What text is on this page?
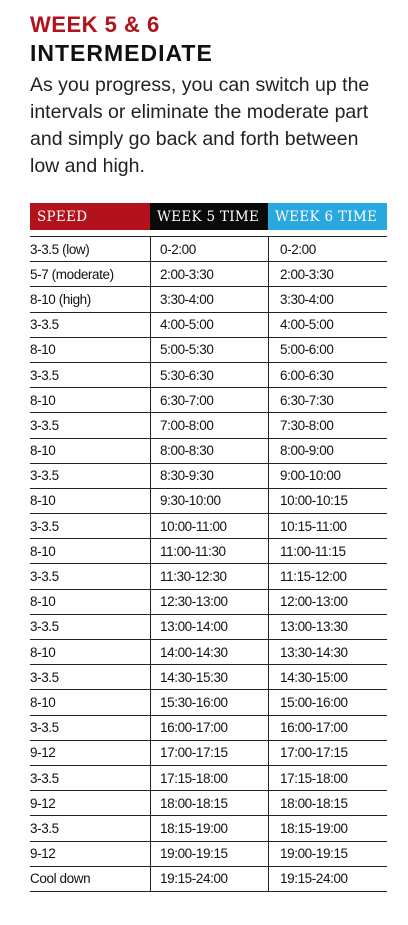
WEEK 5 & 6
INTERMEDIATE
As you progress, you can switch up the intervals or eliminate the moderate part and simply go back and forth between low and high.
SPEED	WEEK 5 TIME	WEEK 6 TIME
3-3.5 (low)	0-2:00	0-2:00
5-7 (moderate)	2:00-3:30	2:00-3:30
8-10 (high)	3:30-4:00	3:30-4:00
3-3.5	4:00-5:00	4:00-5:00
8-10	5:00-5:30	5:00-6:00
3-3.5	5:30-6:30	6:00-6:30
8-10	6:30-7:00	6:30-7:30
3-3.5	7:00-8:00	7:30-8:00
8-10	8:00-8:30	8:00-9:00
3-3.5	8:30-9:30	9:00-10:00
8-10	9:30-10:00	10:00-10:15
3-3.5	10:00-11:00	10:15-11:00
8-10	11:00-11:30	11:00-11:15
3-3.5	11:30-12:30	11:15-12:00
8-10	12:30-13:00	12:00-13:00
3-3.5	13:00-14:00	13:00-13:30
8-10	14:00-14:30	13:30-14:30
3-3.5	14:30-15:30	14:30-15:00
8-10	15:30-16:00	15:00-16:00
3-3.5	16:00-17:00	16:00-17:00
9-12	17:00-17:15	17:00-17:15
3-3.5	17:15-18:00	17:15-18:00
9-12	18:00-18:15	18:00-18:15
3-3.5	18:15-19:00	18:15-19:00
9-12	19:00-19:15	19:00-19:15
Cool down	19:15-24:00	19:15-24:00
